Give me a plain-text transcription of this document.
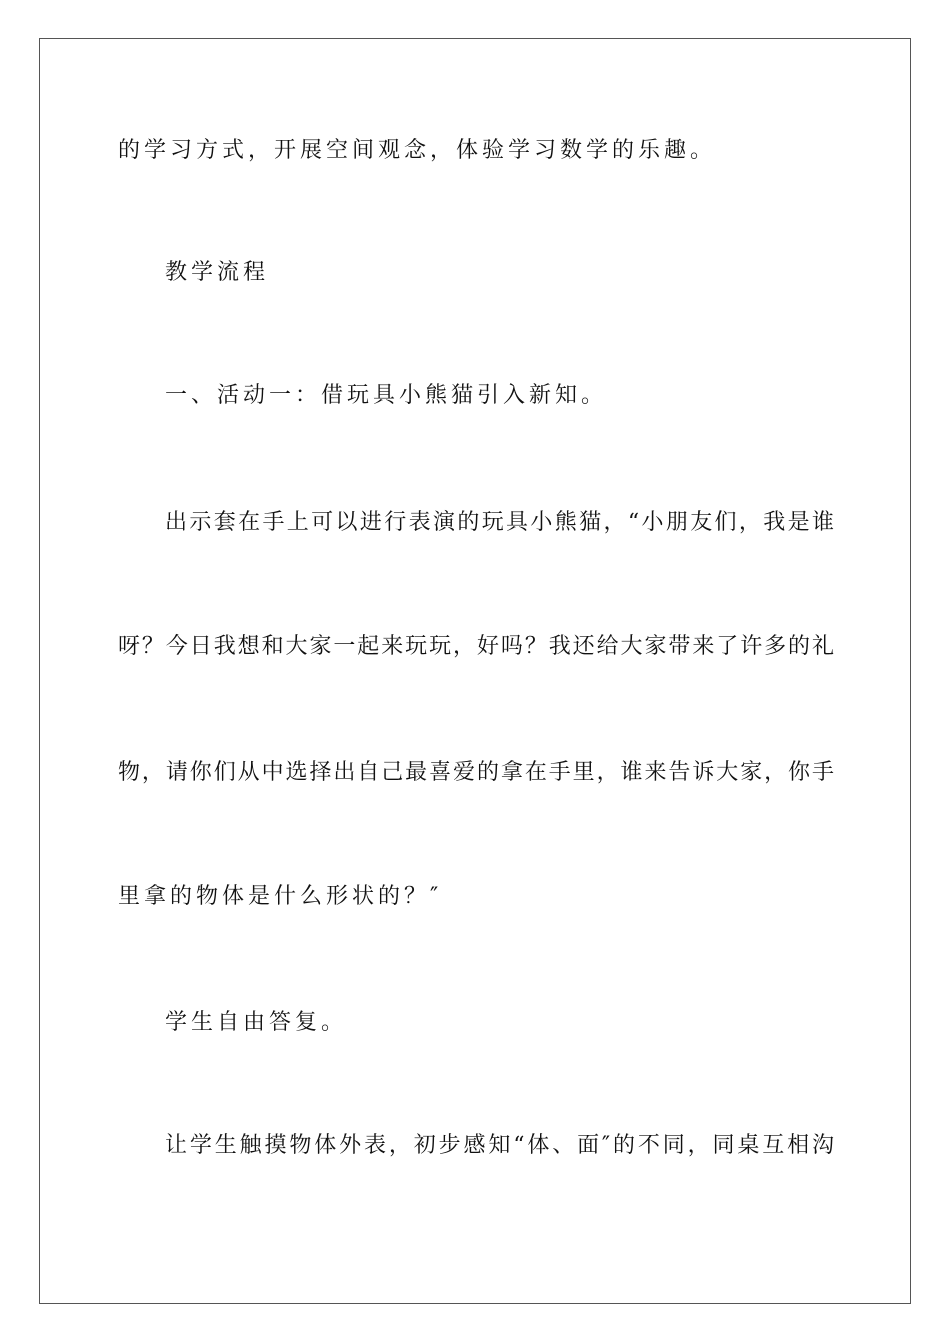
的学习方式，开展空间观念，体验学习数学的乐趣。
教学流程
一、活动一：借玩具小熊猫引入新知。
出示套在手上可以进行表演的玩具小熊猫，“小朋友们，我是谁
呀？今日我想和大家一起来玩玩，好吗？我还给大家带来了许多的礼
物，请你们从中选择出自己最喜爱的拿在手里，谁来告诉大家，你手
里拿的物体是什么形状的？″
学生自由答复。
让学生触摸物体外表，初步感知“体、面″的不同，同桌互相沟
